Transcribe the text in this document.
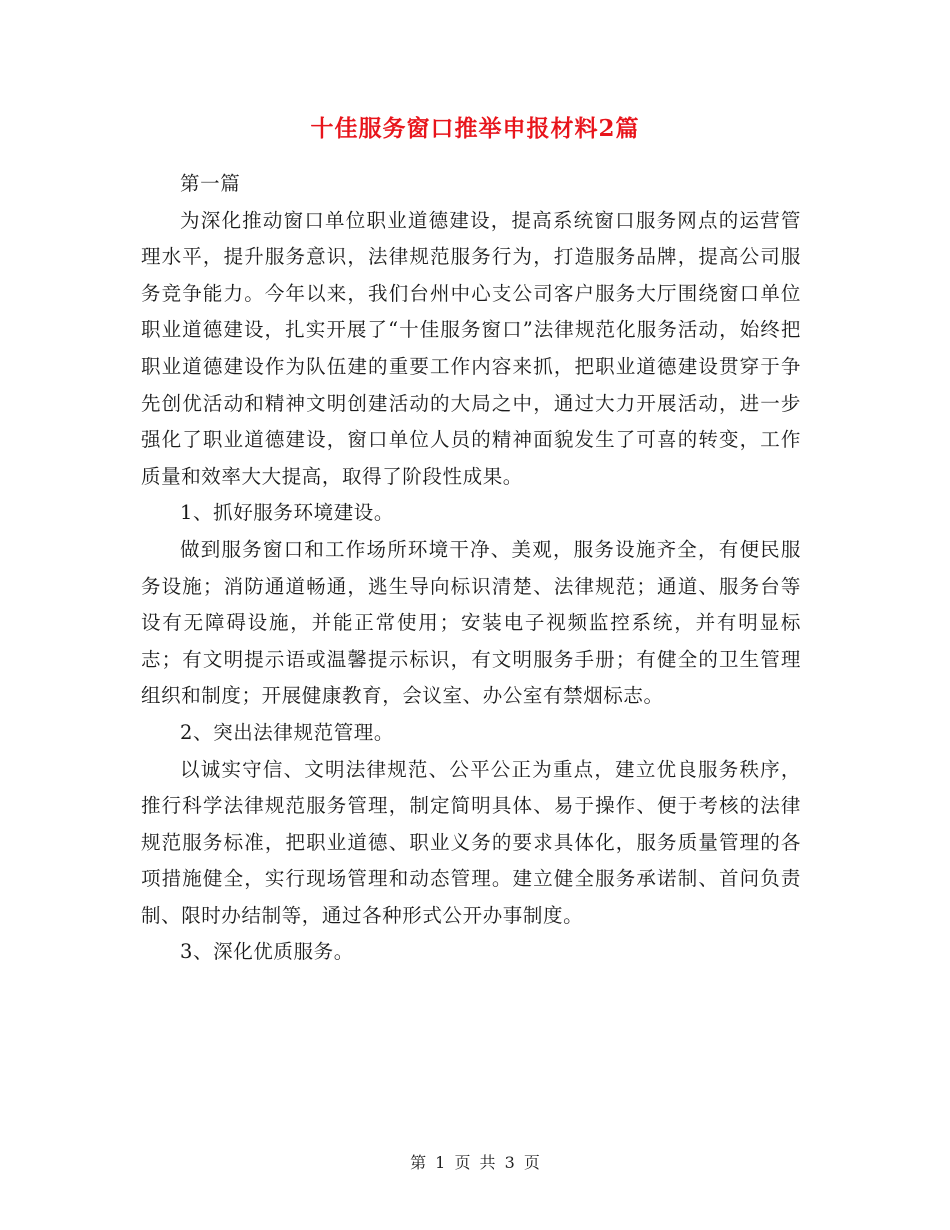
十佳服务窗口推举申报材料2篇

第一篇

为深化推动窗口单位职业道德建设，提高系统窗口服务网点的运营管理水平，提升服务意识，法律规范服务行为，打造服务品牌，提高公司服务竞争能力。今年以来，我们台州中心支公司客户服务大厅围绕窗口单位职业道德建设，扎实开展了“十佳服务窗口”法律规范化服务活动，始终把职业道德建设作为队伍建的重要工作内容来抓，把职业道德建设贯穿于争先创优活动和精神文明创建活动的大局之中，通过大力开展活动，进一步强化了职业道德建设，窗口单位人员的精神面貌发生了可喜的转变，工作质量和效率大大提高，取得了阶段性成果。

1、抓好服务环境建设。

做到服务窗口和工作场所环境干净、美观，服务设施齐全，有便民服务设施；消防通道畅通，逃生导向标识清楚、法律规范；通道、服务台等设有无障碍设施，并能正常使用；安装电子视频监控系统，并有明显标志；有文明提示语或温馨提示标识，有文明服务手册；有健全的卫生管理组织和制度；开展健康教育，会议室、办公室有禁烟标志。

2、突出法律规范管理。

以诚实守信、文明法律规范、公平公正为重点，建立优良服务秩序，推行科学法律规范服务管理，制定简明具体、易于操作、便于考核的法律规范服务标准，把职业道德、职业义务的要求具体化，服务质量管理的各项措施健全，实行现场管理和动态管理。建立健全服务承诺制、首问负责制、限时办结制等，通过各种形式公开办事制度。

3、深化优质服务。

第 1 页 共 3 页
